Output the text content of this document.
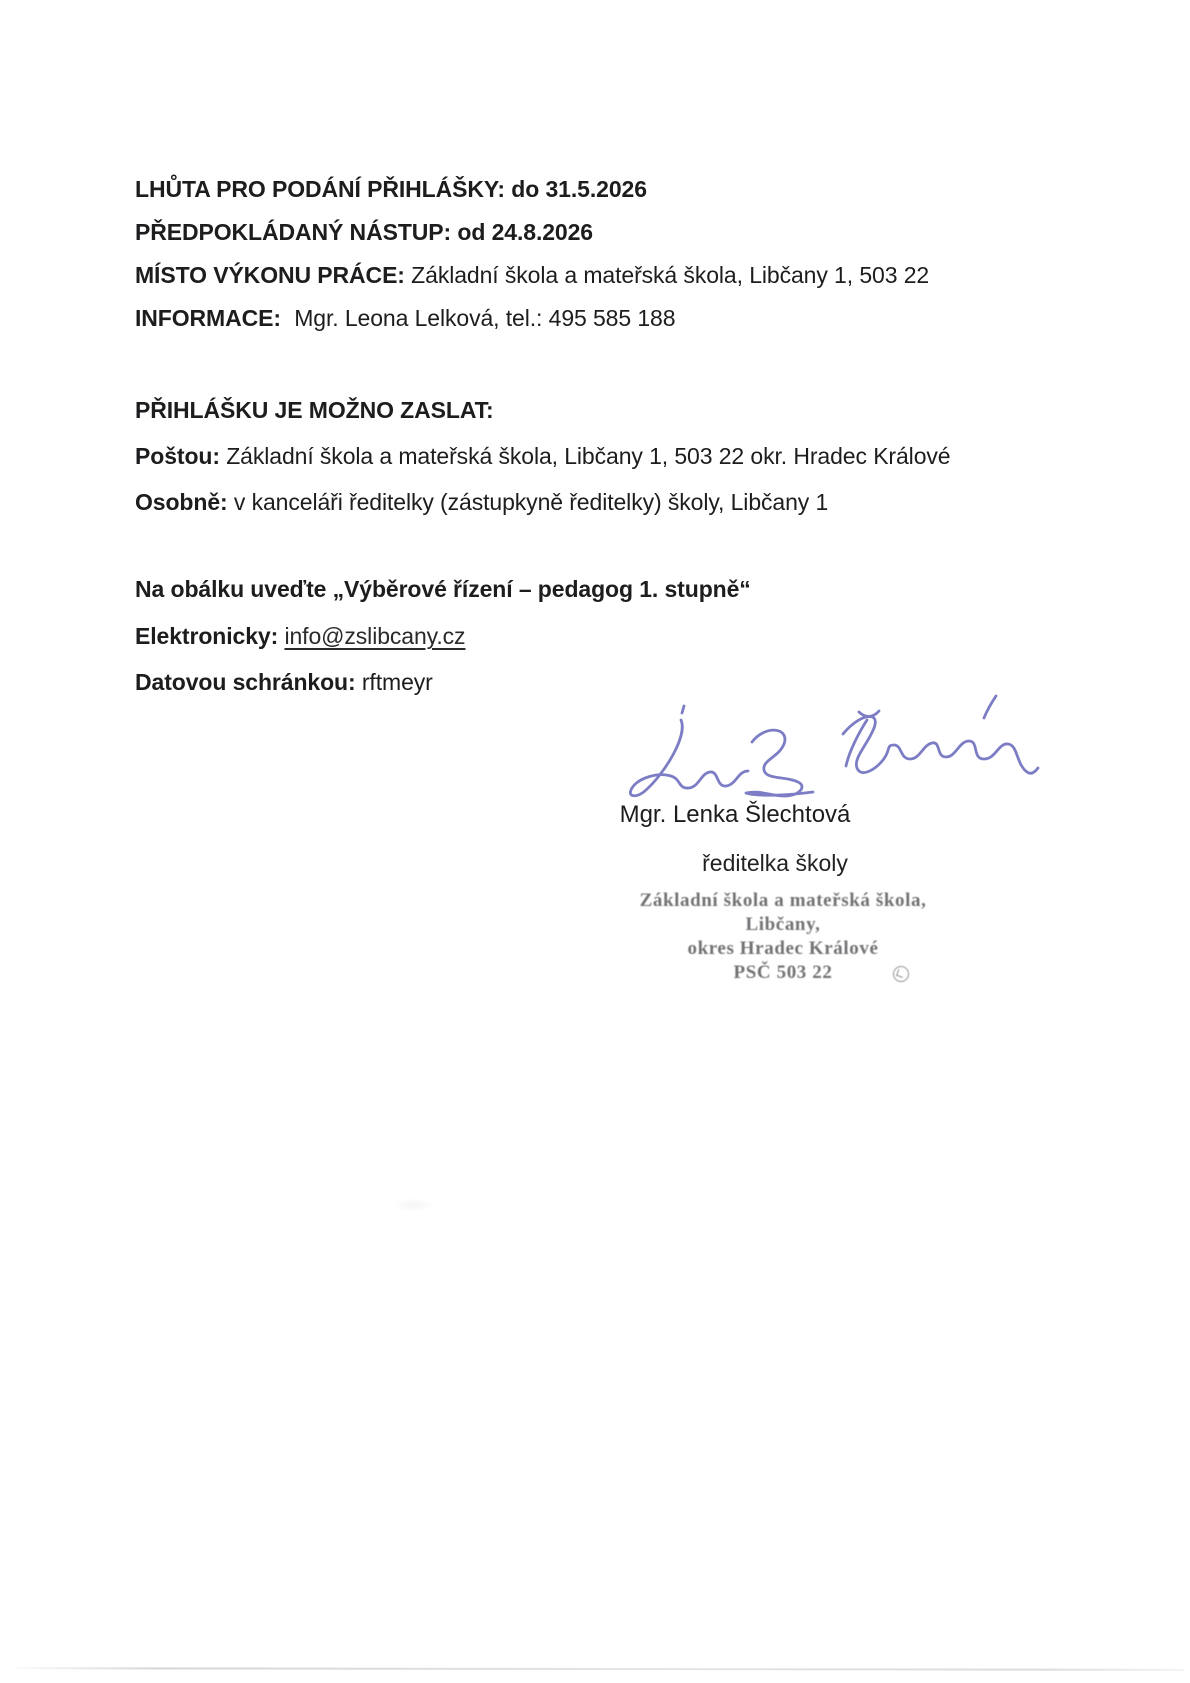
LHŮTA PRO PODÁNÍ PŘIHLÁŠKY: do 31.5.2026
PŘEDPOKLÁDANÝ NÁSTUP: od 24.8.2026
MÍSTO VÝKONU PRÁCE: Základní škola a mateřská škola, Libčany 1, 503 22
INFORMACE: Mgr. Leona Lelková, tel.: 495 585 188
PŘIHLÁŠKU JE MOŽNO ZASLAT:
Poštou: Základní škola a mateřská škola, Libčany 1, 503 22 okr. Hradec Králové
Osobně: v kanceláři ředitelky (zástupkyně ředitelky) školy, Libčany 1
Na obálku uveďte „Výběrové řízení – pedagog 1. stupně“
Elektronicky: info@zslibcany.cz
Datovou schránkou: rftmeyr
Mgr. Lenka Šlechtová
ředitelka školy
Základní škola a mateřská škola,
Libčany,
okres Hradec Králové
PSČ 503 22
